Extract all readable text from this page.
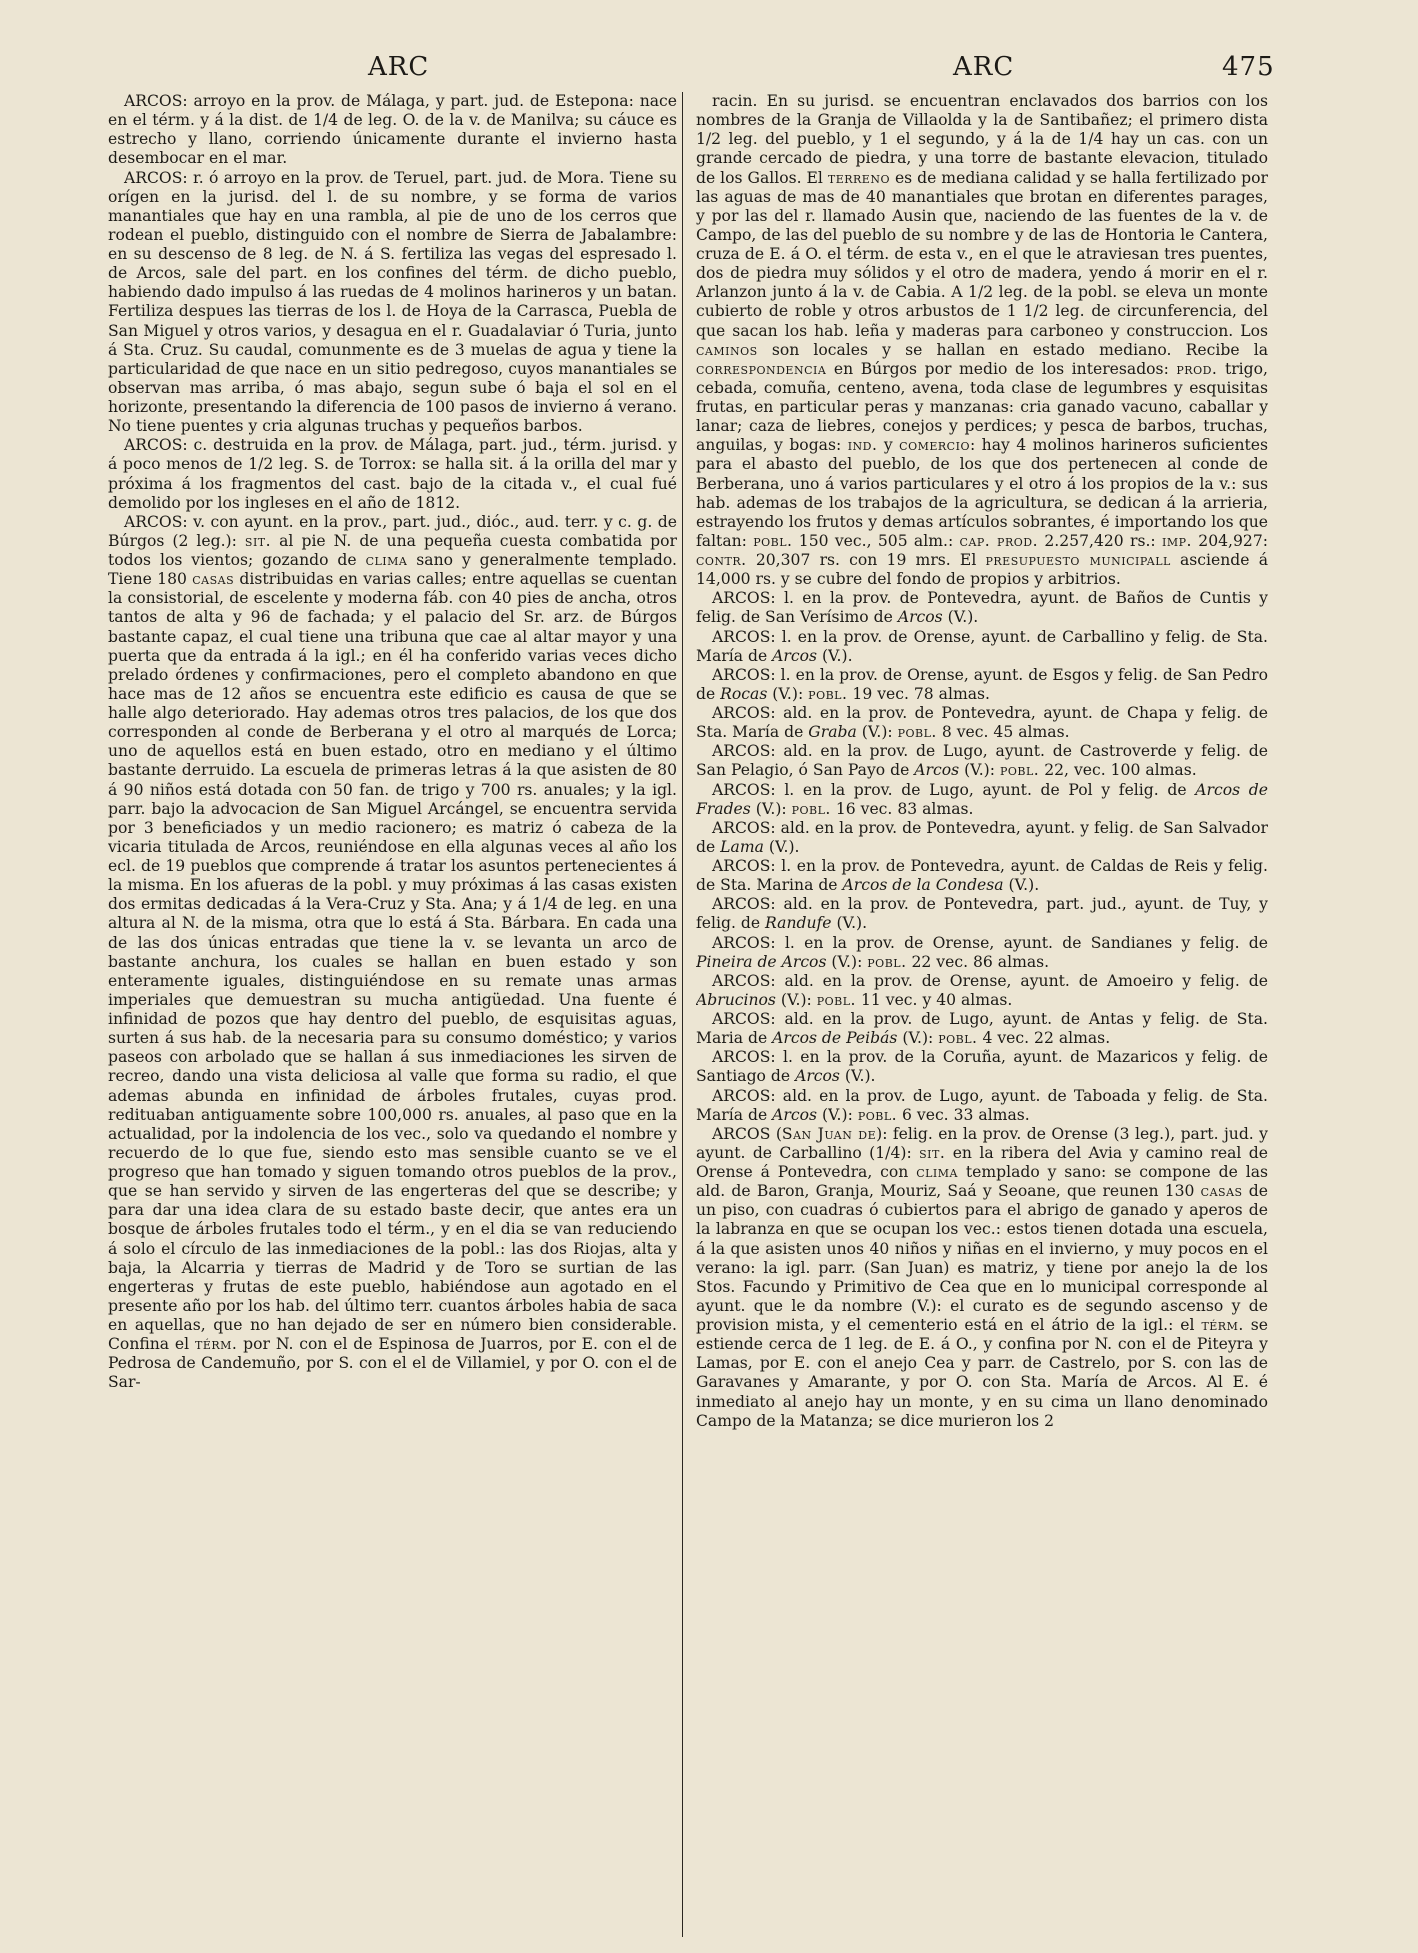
ARC	ARC	475

ARCOS: arroyo en la prov. de Málaga, y part. jud. de Estepona: nace en el térm. y á la dist. de 1/4 de leg. O. de la v. de Manilva; su cáuce es estrecho y llano, corriendo únicamente durante el invierno hasta desembocar en el mar.

ARCOS: r. ó arroyo en la prov. de Teruel, part. jud. de Mora. Tiene su orígen en la jurisd. del l. de su nombre, y se forma de varios manantiales que hay en una rambla, al pie de uno de los cerros que rodean el pueblo, distinguido con el nombre de Sierra de Jabalambre: en su descenso de 8 leg. de N. á S. fertiliza las vegas del espresado l. de Arcos, sale del part. en los confines del térm. de dicho pueblo, habiendo dado impulso á las ruedas de 4 molinos harineros y un batan. Fertiliza despues las tierras de los l. de Hoya de la Carrasca, Puebla de San Miguel y otros varios, y desagua en el r. Guadalaviar ó Turia, junto á Sta. Cruz. Su caudal, comunmente es de 3 muelas de agua y tiene la particularidad de que nace en un sitio pedregoso, cuyos manantiales se observan mas arriba, ó mas abajo, segun sube ó baja el sol en el horizonte, presentando la diferencia de 100 pasos de invierno á verano. No tiene puentes y cria algunas truchas y pequeños barbos.

ARCOS: c. destruida en la prov. de Málaga, part. jud., térm. jurisd. y á poco menos de 1/2 leg. S. de Torrox: se halla sit. á la orilla del mar y próxima á los fragmentos del cast. bajo de la citada v., el cual fué demolido por los ingleses en el año de 1812.

ARCOS: v. con ayunt. en la prov., part. jud., dióc., aud. terr. y c. g. de Búrgos (2 leg.): sit. al pie N. de una pequeña cuesta combatida por todos los vientos; gozando de clima sano y generalmente templado. Tiene 180 casas distribuidas en varias calles; entre aquellas se cuentan la consistorial, de escelente y moderna fáb. con 40 pies de ancha, otros tantos de alta y 96 de fachada; y el palacio del Sr. arz. de Búrgos bastante capaz, el cual tiene una tribuna que cae al altar mayor y una puerta que da entrada á la igl.; en él ha conferido varias veces dicho prelado órdenes y confirmaciones, pero el completo abandono en que hace mas de 12 años se encuentra este edificio es causa de que se halle algo deteriorado. Hay ademas otros tres palacios, de los que dos corresponden al conde de Berberana y el otro al marqués de Lorca; uno de aquellos está en buen estado, otro en mediano y el último bastante derruido. La escuela de primeras letras á la que asisten de 80 á 90 niños está dotada con 50 fan. de trigo y 700 rs. anuales; y la igl. parr. bajo la advocacion de San Miguel Arcángel, se encuentra servida por 3 beneficiados y un medio racionero; es matriz ó cabeza de la vicaria titulada de Arcos, reuniéndose en ella algunas veces al año los ecl. de 19 pueblos que comprende á tratar los asuntos pertenecientes á la misma. En los afueras de la pobl. y muy próximas á las casas existen dos ermitas dedicadas á la Vera-Cruz y Sta. Ana; y á 1/4 de leg. en una altura al N. de la misma, otra que lo está á Sta. Bárbara. En cada una de las dos únicas entradas que tiene la v. se levanta un arco de bastante anchura, los cuales se hallan en buen estado y son enteramente iguales, distinguiéndose en su remate unas armas imperiales que demuestran su mucha antigüedad. Una fuente é infinidad de pozos que hay dentro del pueblo, de esquisitas aguas, surten á sus hab. de la necesaria para su consumo doméstico; y varios paseos con arbolado que se hallan á sus inmediaciones les sirven de recreo, dando una vista deliciosa al valle que forma su radio, el que ademas abunda en infinidad de árboles frutales, cuyas prod. redituaban antiguamente sobre 100,000 rs. anuales, al paso que en la actualidad, por la indolencia de los vec., solo va quedando el nombre y recuerdo de lo que fue, siendo esto mas sensible cuanto se ve el progreso que han tomado y siguen tomando otros pueblos de la prov., que se han servido y sirven de las engerteras del que se describe; y para dar una idea clara de su estado baste decir, que antes era un bosque de árboles frutales todo el térm., y en el dia se van reduciendo á solo el círculo de las inmediaciones de la pobl.: las dos Riojas, alta y baja, la Alcarria y tierras de Madrid y de Toro se surtian de las engerteras y frutas de este pueblo, habiéndose aun agotado en el presente año por los hab. del último terr. cuantos árboles habia de saca en aquellas, que no han dejado de ser en número bien considerable. Confina el térm. por N. con el de Espinosa de Juarros, por E. con el de Pedrosa de Candemuño, por S. con el el de Villamiel, y por O. con el de Sar-

racin. En su jurisd. se encuentran enclavados dos barrios con los nombres de la Granja de Villaolda y la de Santibañez; el primero dista 1/2 leg. del pueblo, y 1 el segundo, y á la de 1/4 hay un cas. con un grande cercado de piedra, y una torre de bastante elevacion, titulado de los Gallos. El terreno es de mediana calidad y se halla fertilizado por las aguas de mas de 40 manantiales que brotan en diferentes parages, y por las del r. llamado Ausin que, naciendo de las fuentes de la v. de Campo, de las del pueblo de su nombre y de las de Hontoria le Cantera, cruza de E. á O. el térm. de esta v., en el que le atraviesan tres puentes, dos de piedra muy sólidos y el otro de madera, yendo á morir en el r. Arlanzon junto á la v. de Cabia. A 1/2 leg. de la pobl. se eleva un monte cubierto de roble y otros arbustos de 1 1/2 leg. de circunferencia, del que sacan los hab. leña y maderas para carboneo y construccion. Los caminos son locales y se hallan en estado mediano. Recibe la correspondencia en Búrgos por medio de los interesados: prod. trigo, cebada, comuña, centeno, avena, toda clase de legumbres y esquisitas frutas, en particular peras y manzanas: cria ganado vacuno, caballar y lanar; caza de liebres, conejos y perdices; y pesca de barbos, truchas, anguilas, y bogas: ind. y comercio: hay 4 molinos harineros suficientes para el abasto del pueblo, de los que dos pertenecen al conde de Berberana, uno á varios particulares y el otro á los propios de la v.: sus hab. ademas de los trabajos de la agricultura, se dedican á la arrieria, estrayendo los frutos y demas artículos sobrantes, é importando los que faltan: pobl. 150 vec., 505 alm.: cap. prod. 2.257,420 rs.: imp. 204,927: contr. 20,307 rs. con 19 mrs. El presupuesto municipall asciende á 14,000 rs. y se cubre del fondo de propios y arbitrios.

ARCOS: l. en la prov. de Pontevedra, ayunt. de Baños de Cuntis y felig. de San Verísimo de Arcos (V.).

ARCOS: l. en la prov. de Orense, ayunt. de Carballino y felig. de Sta. María de Arcos (V.).

ARCOS: l. en la prov. de Orense, ayunt. de Esgos y felig. de San Pedro de Rocas (V.): pobl. 19 vec. 78 almas.

ARCOS: ald. en la prov. de Pontevedra, ayunt. de Chapa y felig. de Sta. María de Graba (V.): pobl. 8 vec. 45 almas.

ARCOS: ald. en la prov. de Lugo, ayunt. de Castroverde y felig. de San Pelagio, ó San Payo de Arcos (V.): pobl. 22, vec. 100 almas.

ARCOS: l. en la prov. de Lugo, ayunt. de Pol y felig. de Arcos de Frades (V.): pobl. 16 vec. 83 almas.

ARCOS: ald. en la prov. de Pontevedra, ayunt. y felig. de San Salvador de Lama (V.).

ARCOS: l. en la prov. de Pontevedra, ayunt. de Caldas de Reis y felig. de Sta. Marina de Arcos de la Condesa (V.).

ARCOS: ald. en la prov. de Pontevedra, part. jud., ayunt. de Tuy, y felig. de Randufe (V.).

ARCOS: l. en la prov. de Orense, ayunt. de Sandianes y felig. de Pineira de Arcos (V.): pobl. 22 vec. 86 almas.

ARCOS: ald. en la prov. de Orense, ayunt. de Amoeiro y felig. de Abrucinos (V.): pobl. 11 vec. y 40 almas.

ARCOS: ald. en la prov. de Lugo, ayunt. de Antas y felig. de Sta. Maria de Arcos de Peibás (V.): pobl. 4 vec. 22 almas.

ARCOS: l. en la prov. de la Coruña, ayunt. de Mazaricos y felig. de Santiago de Arcos (V.).

ARCOS: ald. en la prov. de Lugo, ayunt. de Taboada y felig. de Sta. María de Arcos (V.): pobl. 6 vec. 33 almas.

ARCOS (San Juan de): felig. en la prov. de Orense (3 leg.), part. jud. y ayunt. de Carballino (1/4): sit. en la ribera del Avia y camino real de Orense á Pontevedra, con clima templado y sano: se compone de las ald. de Baron, Granja, Mouriz, Saá y Seoane, que reunen 130 casas de un piso, con cuadras ó cubiertos para el abrigo de ganado y aperos de la labranza en que se ocupan los vec.: estos tienen dotada una escuela, á la que asisten unos 40 niños y niñas en el invierno, y muy pocos en el verano: la igl. parr. (San Juan) es matriz, y tiene por anejo la de los Stos. Facundo y Primitivo de Cea que en lo municipal corresponde al ayunt. que le da nombre (V.): el curato es de segundo ascenso y de provision mista, y el cementerio está en el átrio de la igl.: el térm. se estiende cerca de 1 leg. de E. á O., y confina por N. con el de Piteyra y Lamas, por E. con el anejo Cea y parr. de Castrelo, por S. con las de Garavanes y Amarante, y por O. con Sta. María de Arcos. Al E. é inmediato al anejo hay un monte, y en su cima un llano denominado Campo de la Matanza; se dice murieron los 2
